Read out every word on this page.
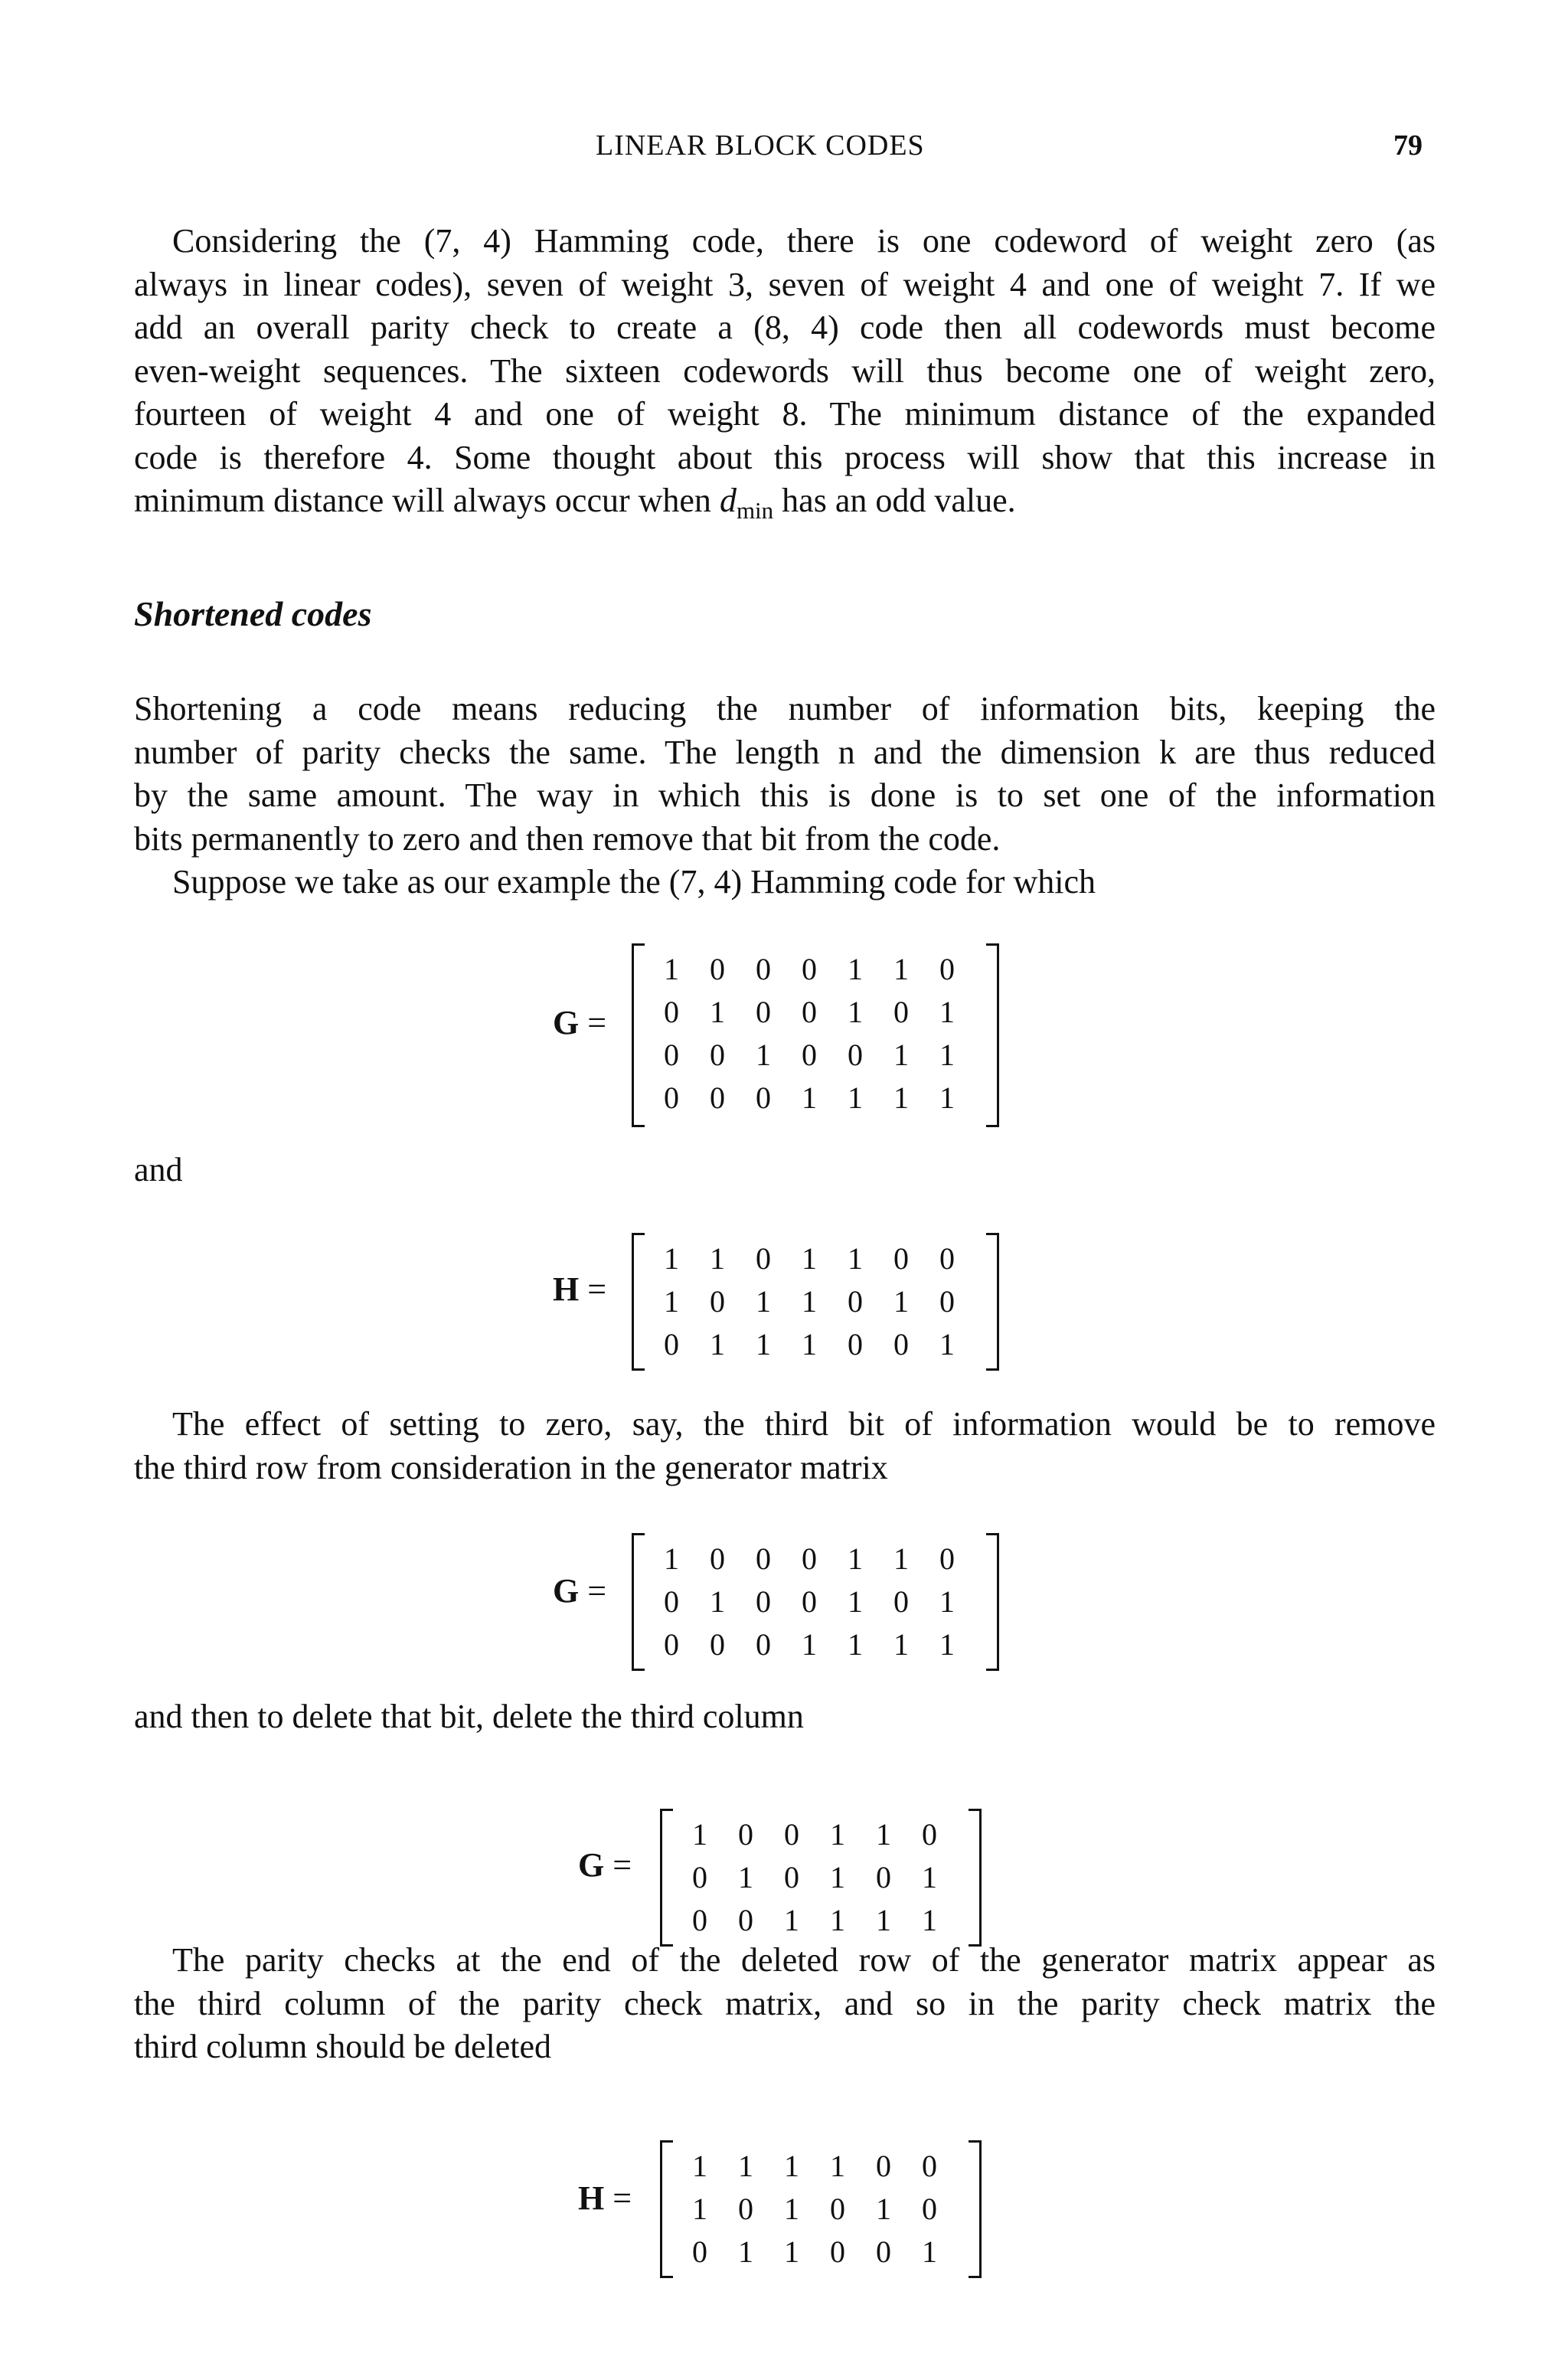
LINEAR BLOCK CODES	79
Considering the (7, 4) Hamming code, there is one codeword of weight zero (as
always in linear codes), seven of weight 3, seven of weight 4 and one of weight 7. If we
add an overall parity check to create a (8, 4) code then all codewords must become
even-weight sequences. The sixteen codewords will thus become one of weight zero,
fourteen of weight 4 and one of weight 8. The minimum distance of the expanded
code is therefore 4. Some thought about this process will show that this increase in
minimum distance will always occur when $d_{min}$ has an odd value.
Shortened codes
Shortening a code means reducing the number of information bits, keeping the
number of parity checks the same. The length n and the dimension k are thus reduced
by the same amount. The way in which this is done is to set one of the information
bits permanently to zero and then remove that bit from the code.
Suppose we take as our example the (7, 4) Hamming code for which
G =
1	0	0	0	1	1	0
0	1	0	0	1	0	1
0	0	1	0	0	1	1
0	0	0	1	1	1	1
and
H =
1	1	0	1	1	0	0
1	0	1	1	0	1	0
0	1	1	1	0	0	1
The effect of setting to zero, say, the third bit of information would be to remove
the third row from consideration in the generator matrix
G =
1	0	0	0	1	1	0
0	1	0	0	1	0	1
0	0	0	1	1	1	1
and then to delete that bit, delete the third column
G =
1	0	0	1	1	0
0	1	0	1	0	1
0	0	1	1	1	1
The parity checks at the end of the deleted row of the generator matrix appear as
the third column of the parity check matrix, and so in the parity check matrix the
third column should be deleted
H =
1	1	1	1	0	0
1	0	1	0	1	0
0	1	1	0	0	1
